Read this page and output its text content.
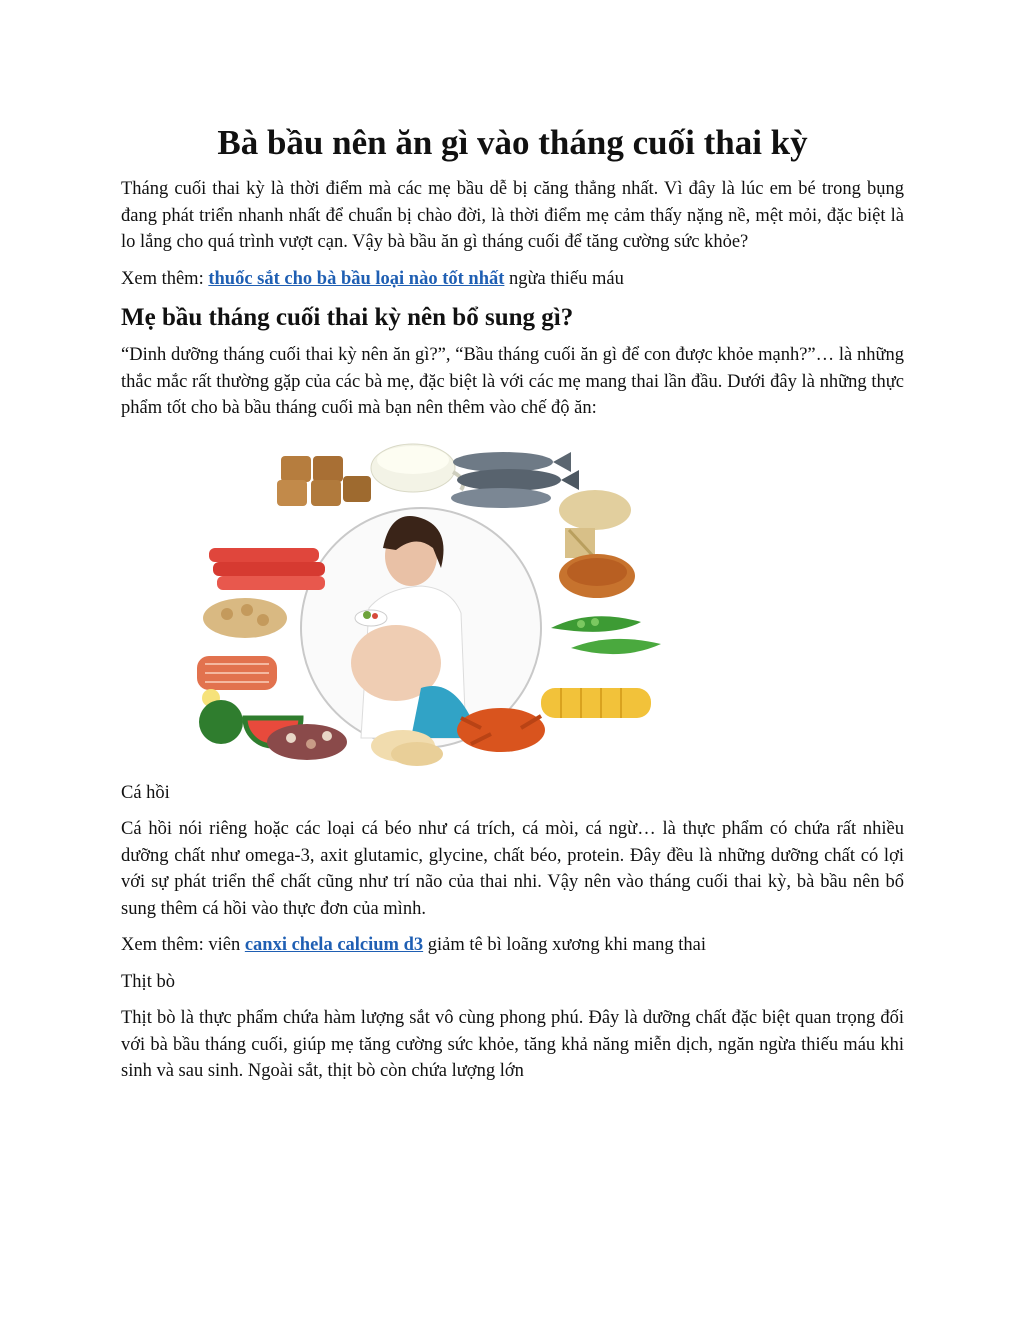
Bà bầu nên ăn gì vào tháng cuối thai kỳ

Tháng cuối thai kỳ là thời điểm mà các mẹ bầu dễ bị căng thẳng nhất. Vì đây là lúc em bé trong bụng đang phát triển nhanh nhất để chuẩn bị chào đời, là thời điểm mẹ cảm thấy nặng nề, mệt mỏi, đặc biệt là lo lắng cho quá trình vượt cạn. Vậy bà bầu ăn gì tháng cuối để tăng cường sức khỏe?

Xem thêm: thuốc sắt cho bà bầu loại nào tốt nhất ngừa thiếu máu

Mẹ bầu tháng cuối thai kỳ nên bổ sung gì?

“Dinh dưỡng tháng cuối thai kỳ nên ăn gì?”, “Bầu tháng cuối ăn gì để con được khỏe mạnh?”… là những thắc mắc rất thường gặp của các bà mẹ, đặc biệt là với các mẹ mang thai lần đầu. Dưới đây là những thực phẩm tốt cho bà bầu tháng cuối mà bạn nên thêm vào chế độ ăn:

Cá hồi

Cá hồi nói riêng hoặc các loại cá béo như cá trích, cá mòi, cá ngừ… là thực phẩm có chứa rất nhiều dưỡng chất như omega-3, axit glutamic, glycine, chất béo, protein. Đây đều là những dưỡng chất có lợi với sự phát triển thể chất cũng như trí não của thai nhi. Vậy nên vào tháng cuối thai kỳ, bà bầu nên bổ sung thêm cá hồi vào thực đơn của mình.

Xem thêm: viên canxi chela calcium d3 giảm tê bì loãng xương khi mang thai

Thịt bò

Thịt bò là thực phẩm chứa hàm lượng sắt vô cùng phong phú. Đây là dưỡng chất đặc biệt quan trọng đối với bà bầu tháng cuối, giúp mẹ tăng cường sức khỏe, tăng khả năng miễn dịch, ngăn ngừa thiếu máu khi sinh và sau sinh. Ngoài sắt, thịt bò còn chứa lượng lớn
